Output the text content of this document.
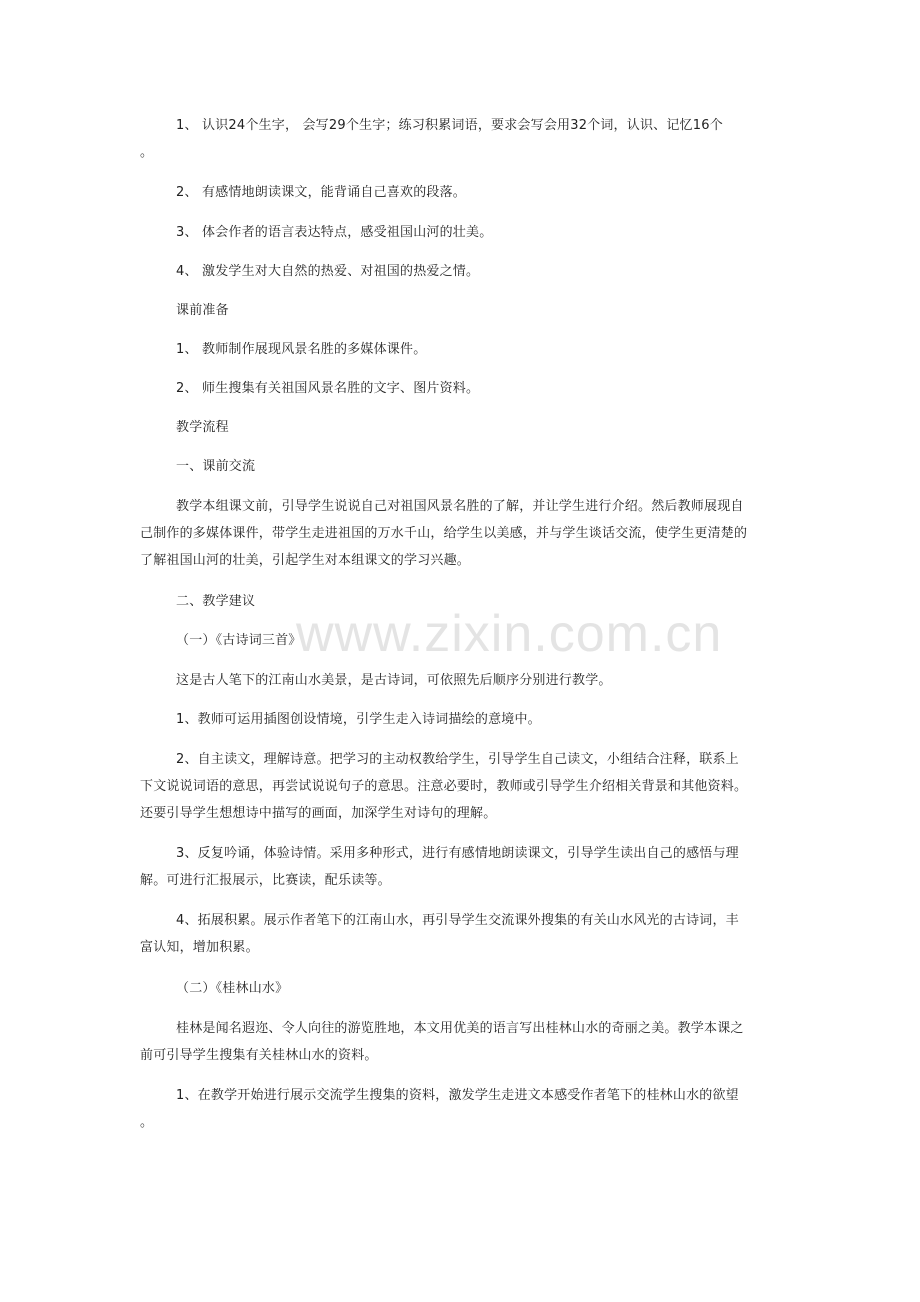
www.zixin.com.cn
1、 认识24个生字， 会写29个生字；练习积累词语，要求会写会用32个词，认识、记忆16个
。
2、 有感情地朗读课文，能背诵自己喜欢的段落。
3、 体会作者的语言表达特点，感受祖国山河的壮美。
4、 激发学生对大自然的热爱、对祖国的热爱之情。
课前准备
1、 教师制作展现风景名胜的多媒体课件。
2、 师生搜集有关祖国风景名胜的文字、图片资料。
教学流程
一、课前交流
教学本组课文前，引导学生说说自己对祖国风景名胜的了解，并让学生进行介绍。然后教师展现自
己制作的多媒体课件，带学生走进祖国的万水千山，给学生以美感，并与学生谈话交流，使学生更清楚的
了解祖国山河的壮美，引起学生对本组课文的学习兴趣。
二、教学建议
（一）《古诗词三首》
这是古人笔下的江南山水美景，是古诗词，可依照先后顺序分别进行教学。
1、教师可运用插图创设情境，引学生走入诗词描绘的意境中。
2、自主读文，理解诗意。把学习的主动权教给学生，引导学生自己读文，小组结合注释，联系上
下文说说词语的意思，再尝试说说句子的意思。注意必要时，教师或引导学生介绍相关背景和其他资料。
还要引导学生想想诗中描写的画面，加深学生对诗句的理解。
3、反复吟诵，体验诗情。采用多种形式，进行有感情地朗读课文，引导学生读出自己的感悟与理
解。可进行汇报展示，比赛读，配乐读等。
4、拓展积累。展示作者笔下的江南山水，再引导学生交流课外搜集的有关山水风光的古诗词，丰
富认知，增加积累。
（二）《桂林山水》
桂林是闻名遐迩、令人向往的游览胜地，本文用优美的语言写出桂林山水的奇丽之美。教学本课之
前可引导学生搜集有关桂林山水的资料。
1、在教学开始进行展示交流学生搜集的资料，激发学生走进文本感受作者笔下的桂林山水的欲望
。
